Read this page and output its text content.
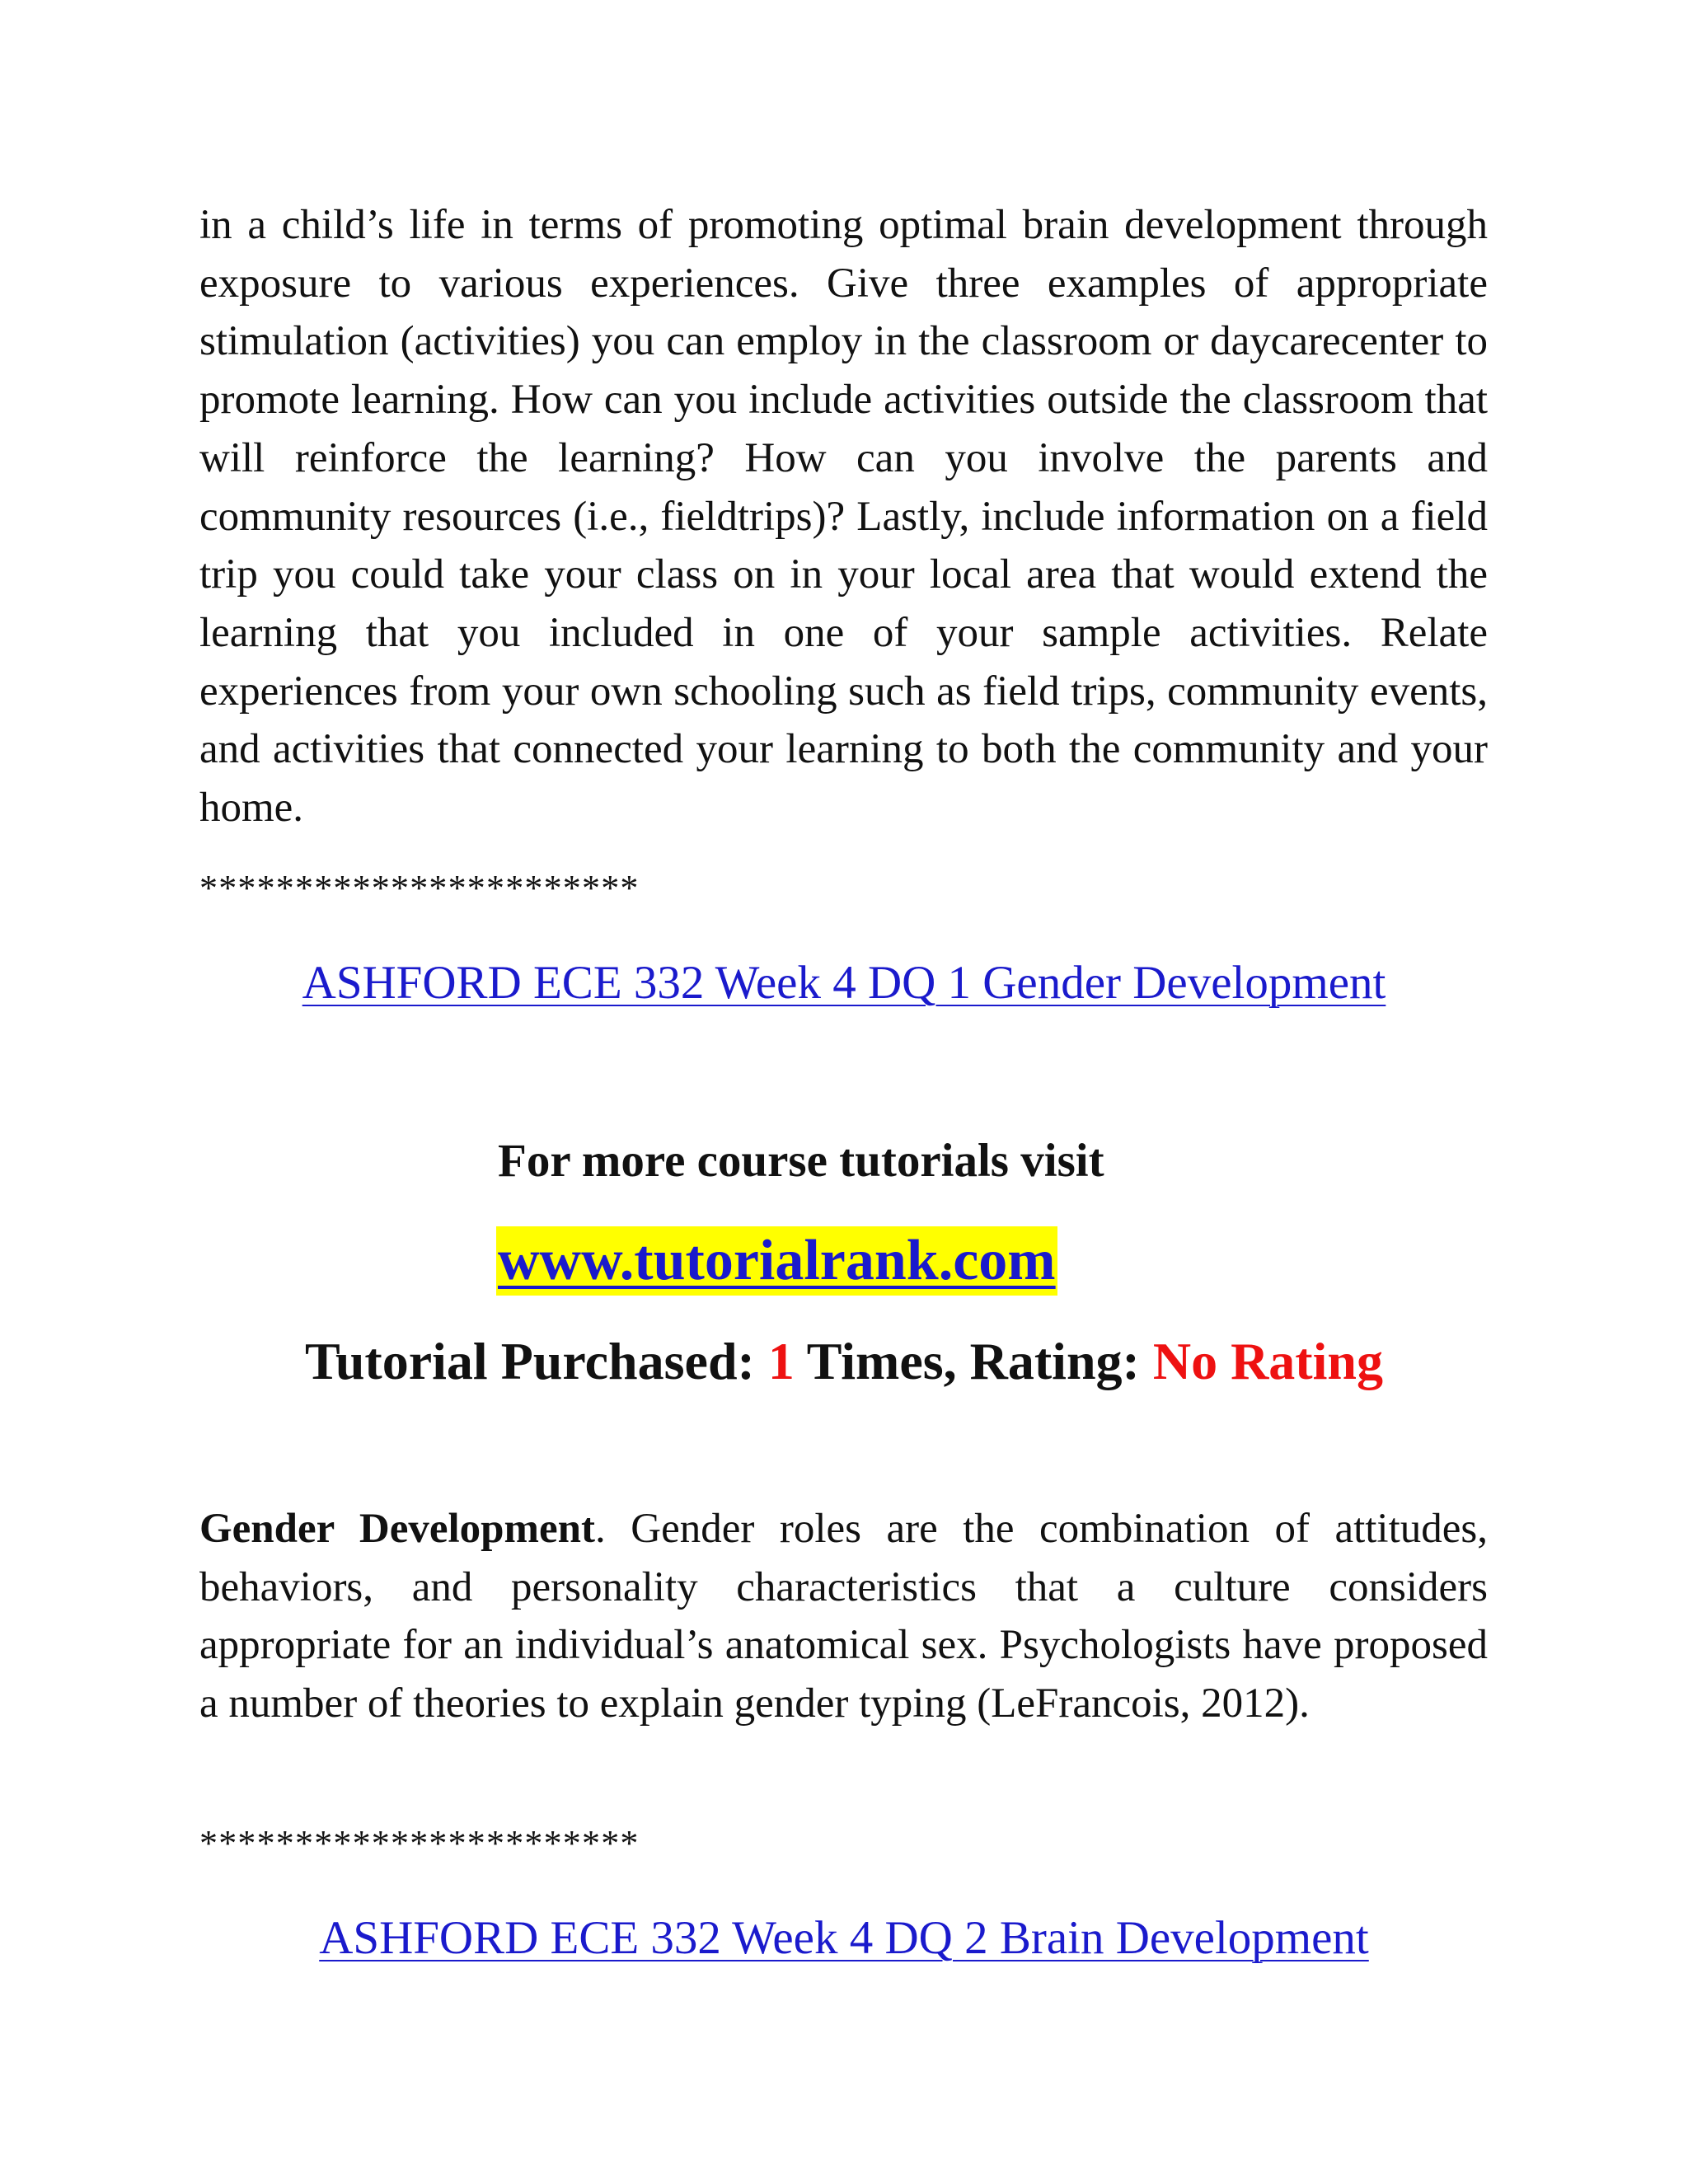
in a child’s life in terms of promoting optimal brain development through exposure to various experiences. Give three examples of appropriate stimulation (activities) you can employ in the classroom or daycarecenter to promote learning. How can you include activities outside the classroom that will reinforce the learning? How can you involve the parents and community resources (i.e., fieldtrips)? Lastly, include information on a field trip you could take your class on in your local area that would extend the learning that you included in one of your sample activities. Relate experiences from your own schooling such as field trips, community events, and activities that connected your learning to both the community and your home.

***********************

ASHFORD ECE 332 Week 4 DQ 1 Gender Development

For more course tutorials visit

www.tutorialrank.com

Tutorial Purchased: 1 Times, Rating: No Rating

Gender Development. Gender roles are the combination of attitudes, behaviors, and personality characteristics that a culture considers appropriate for an individual’s anatomical sex. Psychologists have proposed a number of theories to explain gender typing (LeFrancois, 2012).

***********************

ASHFORD ECE 332 Week 4 DQ 2 Brain Development
